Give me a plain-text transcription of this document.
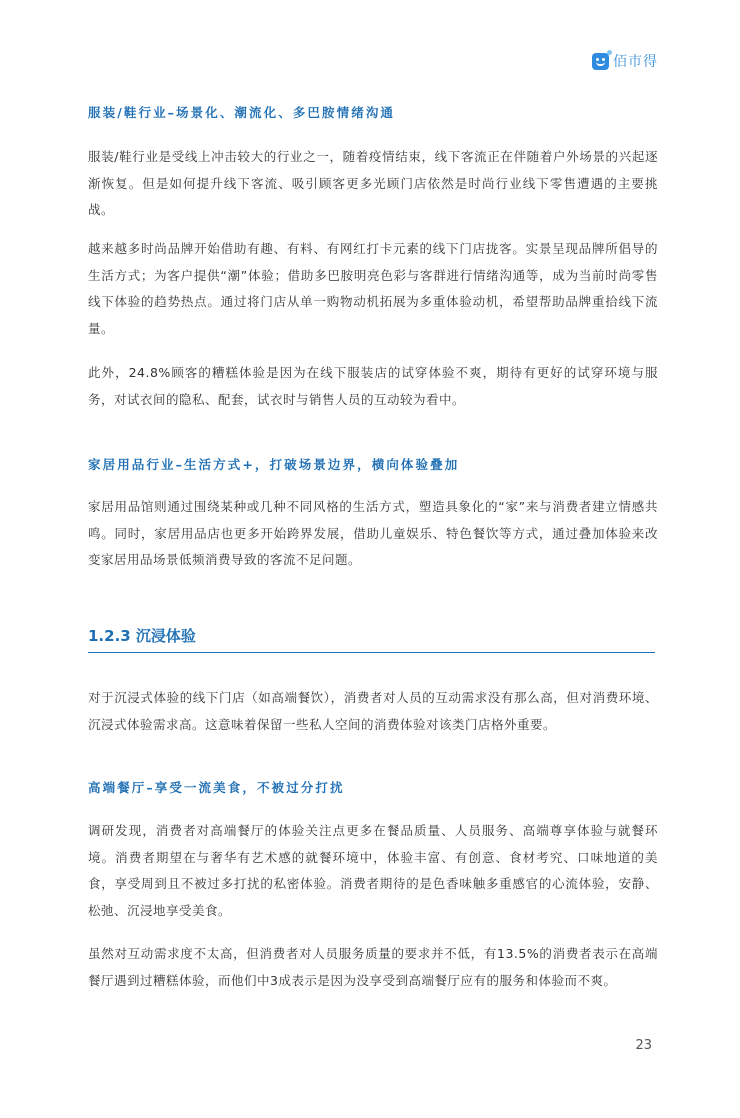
佰市得
服装/鞋行业–场景化、潮流化、多巴胺情绪沟通

服装/鞋行业是受线上冲击较大的行业之一，随着疫情结束，线下客流正在伴随着户外场景的兴起逐渐恢复。但是如何提升线下客流、吸引顾客更多光顾门店依然是时尚行业线下零售遭遇的主要挑战。

越来越多时尚品牌开始借助有趣、有料、有网红打卡元素的线下门店拢客。实景呈现品牌所倡导的生活方式；为客户提供“潮”体验；借助多巴胺明亮色彩与客群进行情绪沟通等，成为当前时尚零售线下体验的趋势热点。通过将门店从单一购物动机拓展为多重体验动机，希望帮助品牌重拾线下流量。

此外，24.8%顾客的糟糕体验是因为在线下服装店的试穿体验不爽，期待有更好的试穿环境与服务，对试衣间的隐私、配套，试衣时与销售人员的互动较为看中。

家居用品行业–生活方式+，打破场景边界，横向体验叠加

家居用品馆则通过围绕某种或几种不同风格的生活方式，塑造具象化的“家”来与消费者建立情感共鸣。同时，家居用品店也更多开始跨界发展，借助儿童娱乐、特色餐饮等方式，通过叠加体验来改变家居用品场景低频消费导致的客流不足问题。

1.2.3 沉浸体验

对于沉浸式体验的线下门店（如高端餐饮），消费者对人员的互动需求没有那么高，但对消费环境、沉浸式体验需求高。这意味着保留一些私人空间的消费体验对该类门店格外重要。

高端餐厅–享受一流美食，不被过分打扰

调研发现，消费者对高端餐厅的体验关注点更多在餐品质量、人员服务、高端尊享体验与就餐环境。消费者期望在与奢华有艺术感的就餐环境中，体验丰富、有创意、食材考究、口味地道的美食，享受周到且不被过多打扰的私密体验。消费者期待的是色香味触多重感官的心流体验，安静、松弛、沉浸地享受美食。

虽然对互动需求度不太高，但消费者对人员服务质量的要求并不低，有13.5%的消费者表示在高端餐厅遇到过糟糕体验，而他们中3成表示是因为没享受到高端餐厅应有的服务和体验而不爽。

23
